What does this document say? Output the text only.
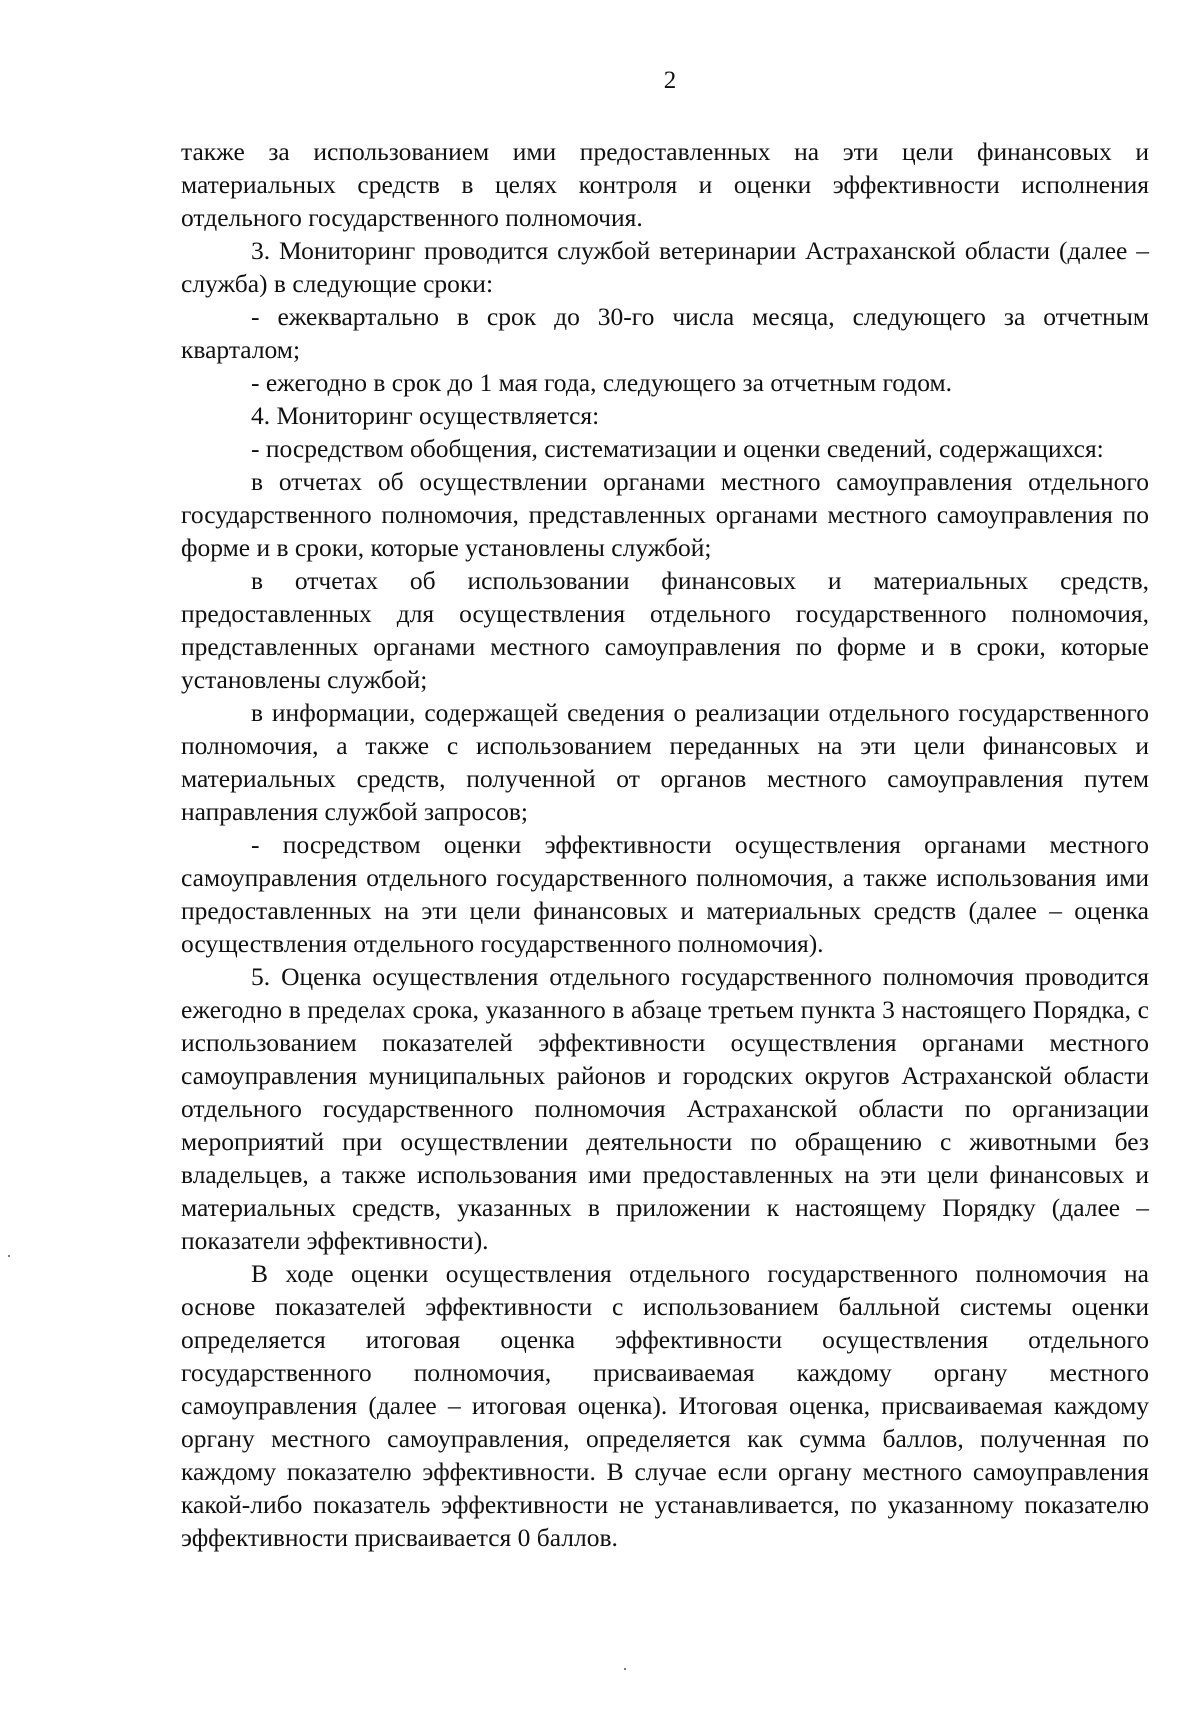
2

также за использованием ими предоставленных на эти цели финансовых и материальных средств в целях контроля и оценки эффективности исполнения отдельного государственного полномочия.

3. Мониторинг проводится службой ветеринарии Астраханской области (далее – служба) в следующие сроки:

- ежеквартально в срок до 30-го числа месяца, следующего за отчетным кварталом;

- ежегодно в срок до 1 мая года, следующего за отчетным годом.

4. Мониторинг осуществляется:

- посредством обобщения, систематизации и оценки сведений, содержащихся:

в отчетах об осуществлении органами местного самоуправления отдельного государственного полномочия, представленных органами местного самоуправления по форме и в сроки, которые установлены службой;

в отчетах об использовании финансовых и материальных средств, предоставленных для осуществления отдельного государственного полномочия, представленных органами местного самоуправления по форме и в сроки, которые установлены службой;

в информации, содержащей сведения о реализации отдельного государственного полномочия, а также с использованием переданных на эти цели финансовых и материальных средств, полученной от органов местного самоуправления путем направления службой запросов;

- посредством оценки эффективности осуществления органами местного самоуправления отдельного государственного полномочия, а также использования ими предоставленных на эти цели финансовых и материальных средств (далее – оценка осуществления отдельного государственного полномочия).

5. Оценка осуществления отдельного государственного полномочия проводится ежегодно в пределах срока, указанного в абзаце третьем пункта 3 настоящего Порядка, с использованием показателей эффективности осуществления органами местного самоуправления муниципальных районов и городских округов Астраханской области отдельного государственного полномочия Астраханской области по организации мероприятий при осуществлении деятельности по обращению с животными без владельцев, а также использования ими предоставленных на эти цели финансовых и материальных средств, указанных в приложении к настоящему Порядку (далее – показатели эффективности).

В ходе оценки осуществления отдельного государственного полномочия на основе показателей эффективности с использованием балльной системы оценки определяется итоговая оценка эффективности осуществления отдельного государственного полномочия, присваиваемая каждому органу местного самоуправления (далее – итоговая оценка). Итоговая оценка, присваиваемая каждому органу местного самоуправления, определяется как сумма баллов, полученная по каждому показателю эффективности. В случае если органу местного самоуправления какой-либо показатель эффективности не устанавливается, по указанному показателю эффективности присваивается 0 баллов.
